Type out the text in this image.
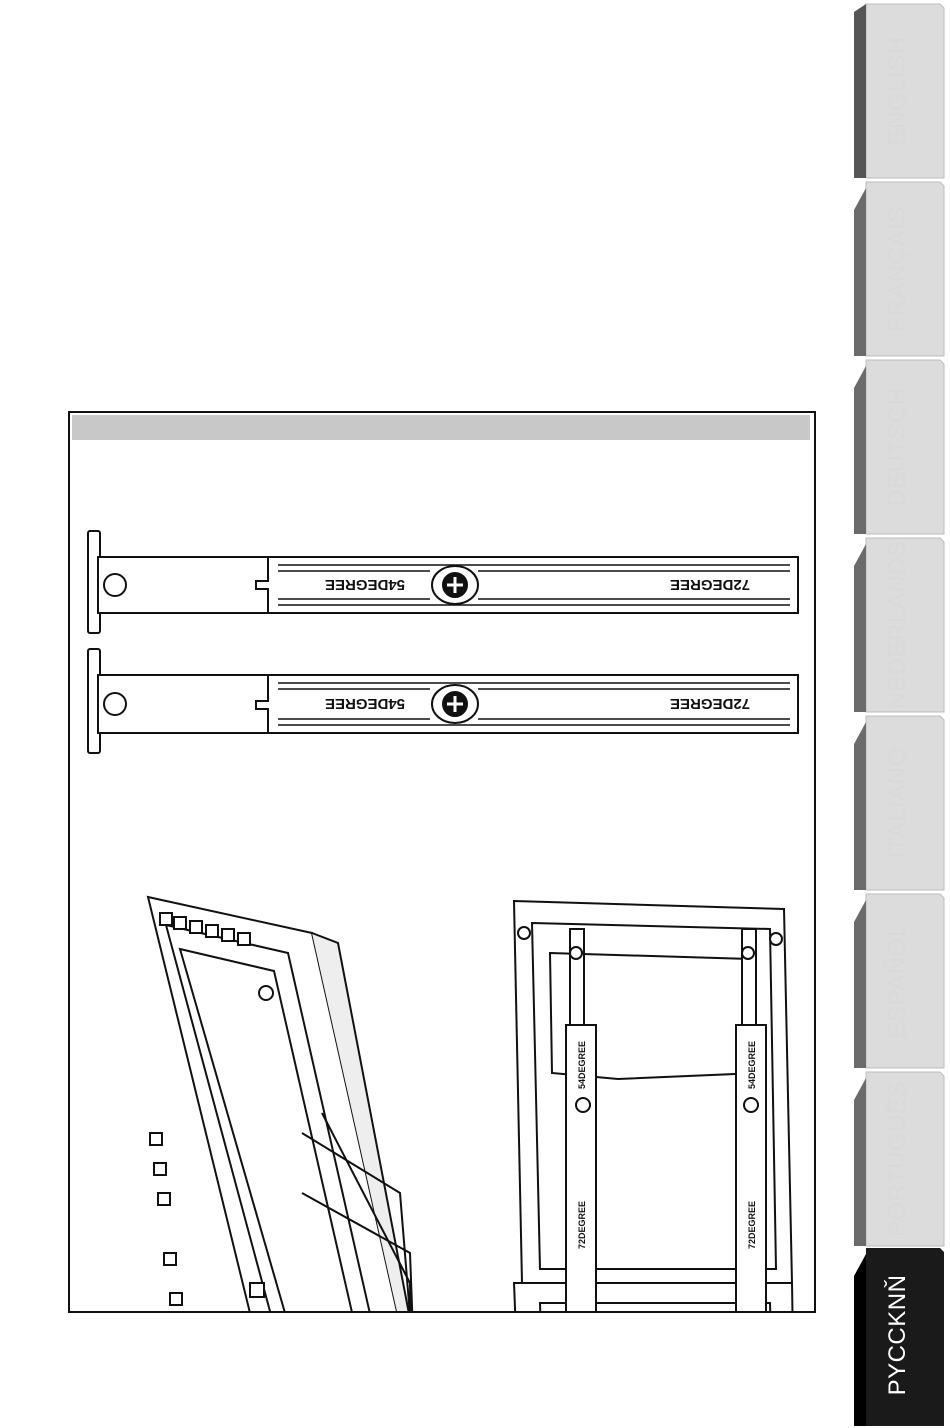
ENGLISH
FRANÇAIS
DEUTSCH
NEDERLANDS
ITALIANO
ESPAÑOL
PORTUGUÊS
PYCCKNŇ
54DEGREE	72DEGREE
54DEGREE	72DEGREE
54DEGREE
72DEGREE
54DEGREE
72DEGREE
